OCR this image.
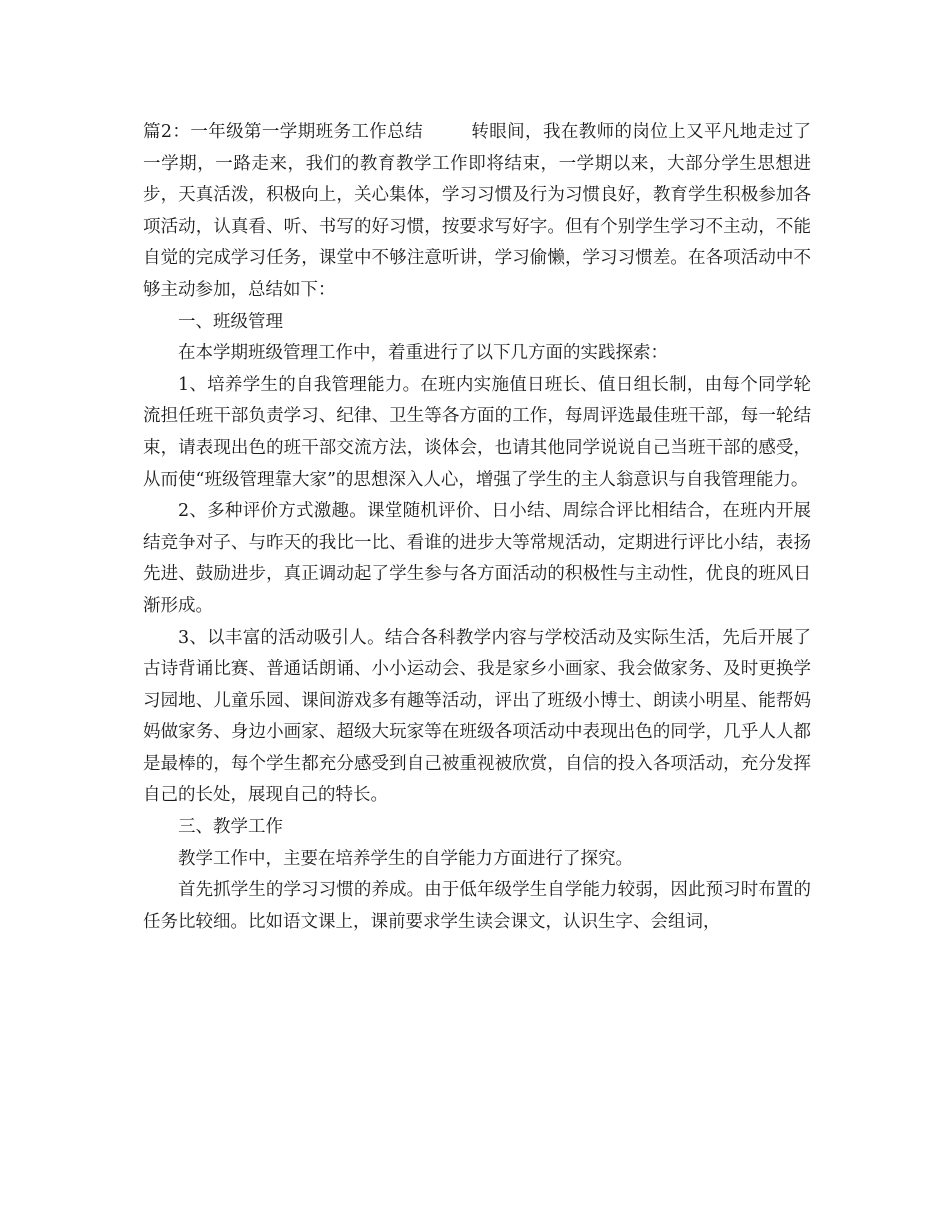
篇2：一年级第一学期班务工作总结	转眼间，我在教师的岗位上又平凡地走过了一学期，一路走来，我们的教育教学工作即将结束，一学期以来，大部分学生思想进步，天真活泼，积极向上，关心集体，学习习惯及行为习惯良好，教育学生积极参加各项活动，认真看、听、书写的好习惯，按要求写好字。但有个别学生学习不主动，不能自觉的完成学习任务，课堂中不够注意听讲，学习偷懒，学习习惯差。在各项活动中不够主动参加，总结如下：

一、班级管理

在本学期班级管理工作中，着重进行了以下几方面的实践探索：

1、培养学生的自我管理能力。在班内实施值日班长、值日组长制，由每个同学轮流担任班干部负责学习、纪律、卫生等各方面的工作，每周评选最佳班干部，每一轮结束，请表现出色的班干部交流方法，谈体会，也请其他同学说说自己当班干部的感受，从而使“班级管理靠大家”的思想深入人心，增强了学生的主人翁意识与自我管理能力。

2、多种评价方式激趣。课堂随机评价、日小结、周综合评比相结合，在班内开展结竞争对子、与昨天的我比一比、看谁的进步大等常规活动，定期进行评比小结，表扬先进、鼓励进步，真正调动起了学生参与各方面活动的积极性与主动性，优良的班风日渐形成。

3、以丰富的活动吸引人。结合各科教学内容与学校活动及实际生活，先后开展了古诗背诵比赛、普通话朗诵、小小运动会、我是家乡小画家、我会做家务、及时更换学习园地、儿童乐园、课间游戏多有趣等活动，评出了班级小博士、朗读小明星、能帮妈妈做家务、身边小画家、超级大玩家等在班级各项活动中表现出色的同学，几乎人人都是最棒的，每个学生都充分感受到自己被重视被欣赏，自信的投入各项活动，充分发挥自己的长处，展现自己的特长。

三、教学工作

教学工作中，主要在培养学生的自学能力方面进行了探究。

首先抓学生的学习习惯的养成。由于低年级学生自学能力较弱，因此预习时布置的任务比较细。比如语文课上，课前要求学生读会课文，认识生字、会组词，
